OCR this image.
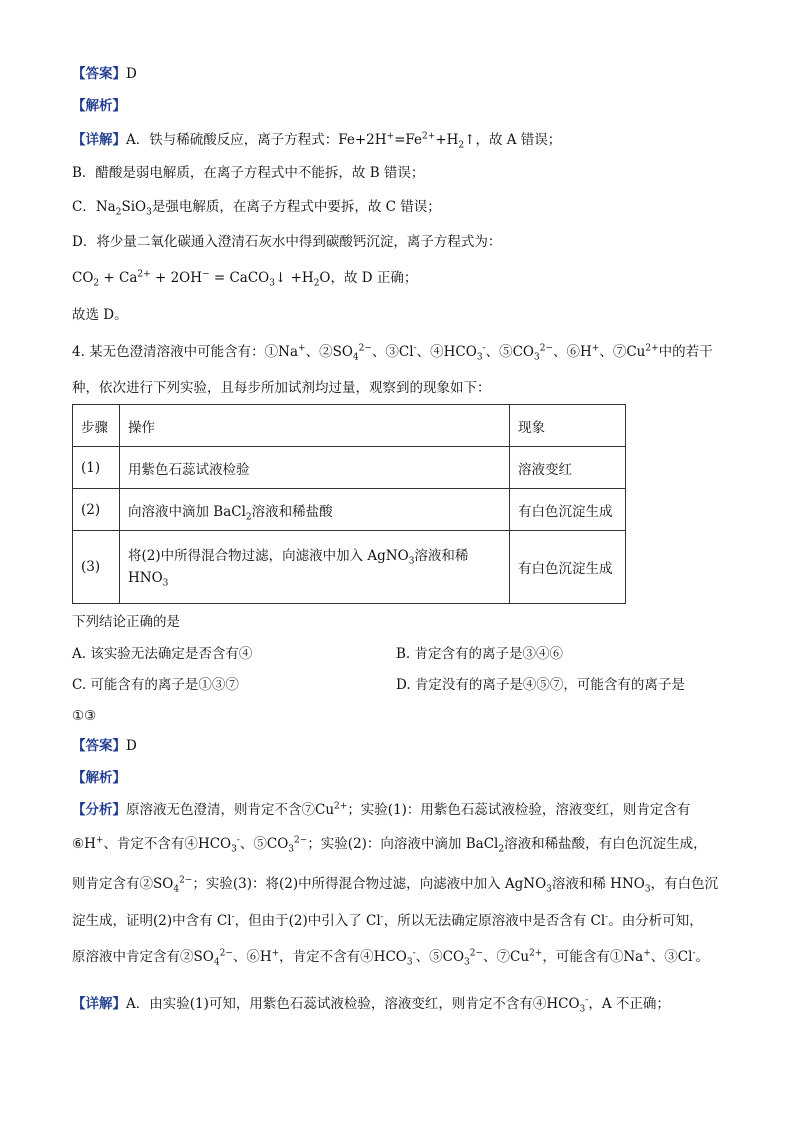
【答案】D
【解析】
【详解】A．铁与稀硫酸反应，离子方程式：$Fe+2H^+=Fe^{2+}+H_2↑$，故 A 错误；
B．醋酸是弱电解质，在离子方程式中不能拆，故 B 错误；
C．$Na_2SiO_3$是强电解质，在离子方程式中要拆，故 C 错误；
D．将少量二氧化碳通入澄清石灰水中得到碳酸钙沉淀，离子方程式为：
$CO_2 + Ca^{2+} + 2OH^-$ = CaCO$_3$↓ $+H_2O$，故 D 正确；
故选 D。
4. 某无色澄清溶液中可能含有：①Na+、$②SO_4^{2-}$、③Cl-、$④HCO_3^-$、$⑤CO_3^{2-}$、⑥H+、$⑦Cu^{2+}$中的若干
种，依次进行下列实验，且每步所加试剂均过量，观察到的现象如下：
步骤	操作	现象
(1)	用紫色石蕊试液检验	溶液变红
(2)	向溶液中滴加 BaCl$_2$溶液和稀盐酸	有白色沉淀生成
(3)	将(2)中所得混合物过滤，向滤液中加入 AgNO$_3$溶液和稀
$HNO_3$	有白色沉淀生成
下列结论正确的是
A. 该实验无法确定是否含有④	B. 肯定含有的离子是③④⑥
C. 可能含有的离子是①③⑦	D. 肯定没有的离子是④⑤⑦，可能含有的离子是
①③
【答案】D
【解析】
【分析】原溶液无色澄清，则肯定不含$⑦Cu^{2+}$；实验(1)：用紫色石蕊试液检验，溶液变红，则肯定含有
⑥H+、肯定不含有$④HCO_3^-$、$⑤CO_3^{2-}$；实验(2)：向溶液中滴加 BaCl$_2$溶液和稀盐酸，有白色沉淀生成，
则肯定含有$②SO_4^{2-}$；实验(3)：将(2)中所得混合物过滤，向滤液中加入 AgNO$_3$溶液和稀 $HNO_3$，有白色沉
淀生成，证明(2)中含有 Cl-，但由于(2)中引入了 Cl-，所以无法确定原溶液中是否含有 Cl-。由分析可知，
原溶液中肯定含有$②SO_4^{2-}$、⑥H+，肯定不含有$④HCO_3^-$、$⑤CO_3^{2-}$、$⑦Cu^{2+}$，可能含有①Na+、③Cl-。
【详解】A．由实验(1)可知，用紫色石蕊试液检验，溶液变红，则肯定不含有$④HCO_3^-$，A 不正确；
